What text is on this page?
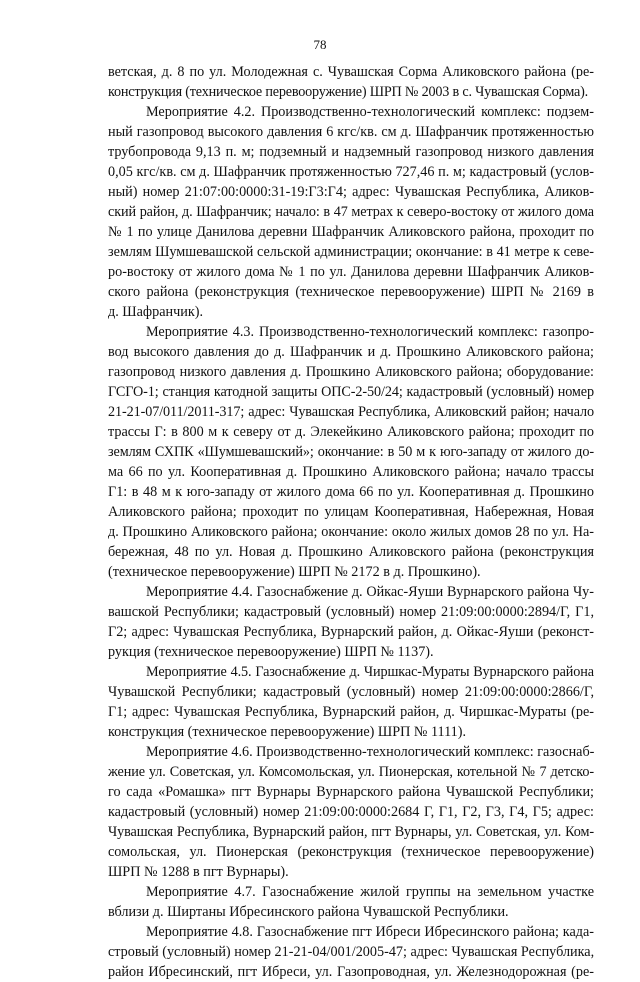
78
ветская, д. 8 по ул. Молодежная с. Чувашская Сорма Аликовского района (ре-
конструкция (техническое перевооружение) ШРП № 2003 в с. Чувашская Сорма).
Мероприятие 4.2. Производственно-технологический комплекс: подзем-
ный газопровод высокого давления 6 кгс/кв. см д. Шафранчик протяженностью
трубопровода 9,13 п. м; подземный и надземный газопровод низкого давления
0,05 кгс/кв. см д. Шафранчик протяженностью 727,46 п. м; кадастровый (услов-
ный) номер 21:07:00:0000:31-19:Г3:Г4; адрес: Чувашская Республика, Аликов-
ский район, д. Шафранчик; начало: в 47 метрах к северо-востоку от жилого дома
№ 1 по улице Данилова деревни Шафранчик Аликовского района, проходит по
землям Шумшевашской сельской администрации; окончание: в 41 метре к севе-
ро-востоку от жилого дома № 1 по ул. Данилова деревни Шафранчик Аликов-
ского района (реконструкция (техническое перевооружение) ШРП № 2169 в
д. Шафранчик).
Мероприятие 4.3. Производственно-технологический комплекс: газопро-
вод высокого давления до д. Шафранчик и д. Прошкино Аликовского района;
газопровод низкого давления д. Прошкино Аликовского района; оборудование:
ГСГО-1; станция катодной защиты ОПС-2-50/24; кадастровый (условный) номер
21-21-07/011/2011-317; адрес: Чувашская Республика, Аликовский район; начало
трассы Г: в 800 м к северу от д. Элекейкино Аликовского района; проходит по
землям СХПК «Шумшевашский»; окончание: в 50 м к юго-западу от жилого до-
ма 66 по ул. Кооперативная д. Прошкино Аликовского района; начало трассы
Г1: в 48 м к юго-западу от жилого дома 66 по ул. Кооперативная д. Прошкино
Аликовского района; проходит по улицам Кооперативная, Набережная, Новая
д. Прошкино Аликовского района; окончание: около жилых домов 28 по ул. На-
бережная, 48 по ул. Новая д. Прошкино Аликовского района (реконструкция
(техническое перевооружение) ШРП № 2172 в д. Прошкино).
Мероприятие 4.4. Газоснабжение д. Ойкас-Яуши Вурнарского района Чу-
вашской Республики; кадастровый (условный) номер 21:09:00:0000:2894/Г, Г1,
Г2; адрес: Чувашская Республика, Вурнарский район, д. Ойкас-Яуши (реконст-
рукция (техническое перевооружение) ШРП № 1137).
Мероприятие 4.5. Газоснабжение д. Чиршкас-Мураты Вурнарского района
Чувашской Республики; кадастровый (условный) номер 21:09:00:0000:2866/Г,
Г1; адрес: Чувашская Республика, Вурнарский район, д. Чиршкас-Мураты (ре-
конструкция (техническое перевооружение) ШРП № 1111).
Мероприятие 4.6. Производственно-технологический комплекс: газоснаб-
жение ул. Советская, ул. Комсомольская, ул. Пионерская, котельной № 7 детско-
го сада «Ромашка» пгт Вурнары Вурнарского района Чувашской Республики;
кадастровый (условный) номер 21:09:00:0000:2684 Г, Г1, Г2, Г3, Г4, Г5; адрес:
Чувашская Республика, Вурнарский район, пгт Вурнары, ул. Советская, ул. Ком-
сомольская, ул. Пионерская (реконструкция (техническое перевооружение)
ШРП № 1288 в пгт Вурнары).
Мероприятие 4.7. Газоснабжение жилой группы на земельном участке
вблизи д. Ширтаны Ибресинского района Чувашской Республики.
Мероприятие 4.8. Газоснабжение пгт Ибреси Ибресинского района; када-
стровый (условный) номер 21-21-04/001/2005-47; адрес: Чувашская Республика,
район Ибресинский, пгт Ибреси, ул. Газопроводная, ул. Железнодорожная (ре-
